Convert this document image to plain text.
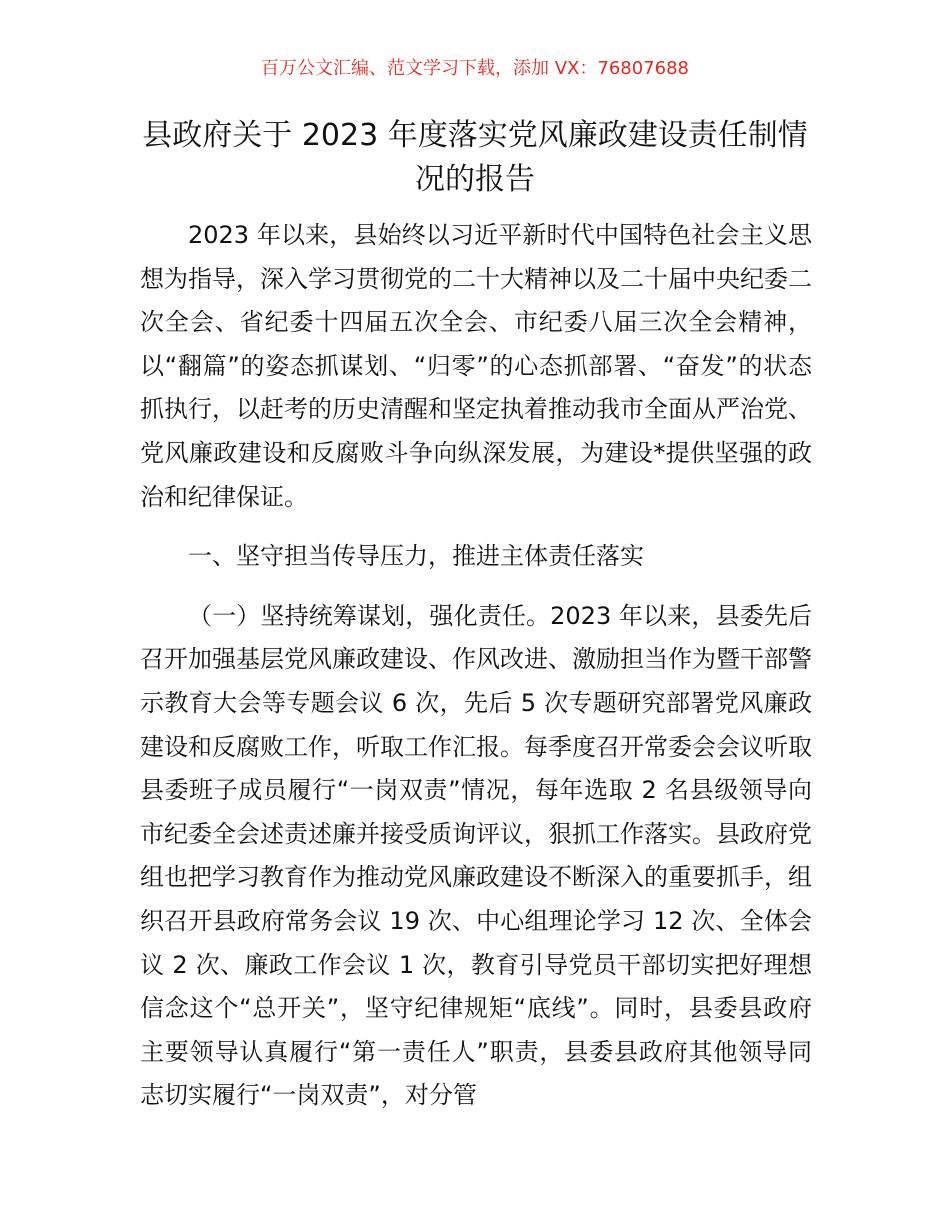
百万公文汇编、范文学习下载，添加 VX：76807688
县政府关于 2023 年度落实党风廉政建设责任制情况的报告

2023 年以来，县始终以习近平新时代中国特色社会主义思想为指导，深入学习贯彻党的二十大精神以及二十届中央纪委二次全会、省纪委十四届五次全会、市纪委八届三次全会精神，以“翻篇”的姿态抓谋划、“归零”的心态抓部署、“奋发”的状态抓执行，以赶考的历史清醒和坚定执着推动我市全面从严治党、党风廉政建设和反腐败斗争向纵深发展，为建设*提供坚强的政治和纪律保证。

一、坚守担当传导压力，推进主体责任落实

（一）坚持统筹谋划，强化责任。2023 年以来，县委先后召开加强基层党风廉政建设、作风改进、激励担当作为暨干部警示教育大会等专题会议 6 次，先后 5 次专题研究部署党风廉政建设和反腐败工作，听取工作汇报。每季度召开常委会会议听取县委班子成员履行“一岗双责”情况，每年选取 2 名县级领导向市纪委全会述责述廉并接受质询评议，狠抓工作落实。县政府党组也把学习教育作为推动党风廉政建设不断深入的重要抓手，组织召开县政府常务会议 19 次、中心组理论学习 12 次、全体会议 2 次、廉政工作会议 1 次，教育引导党员干部切实把好理想信念这个“总开关”，坚守纪律规矩“底线”。同时，县委县政府主要领导认真履行“第一责任人”职责，县委县政府其他领导同志切实履行“一岗双责”，对分管
